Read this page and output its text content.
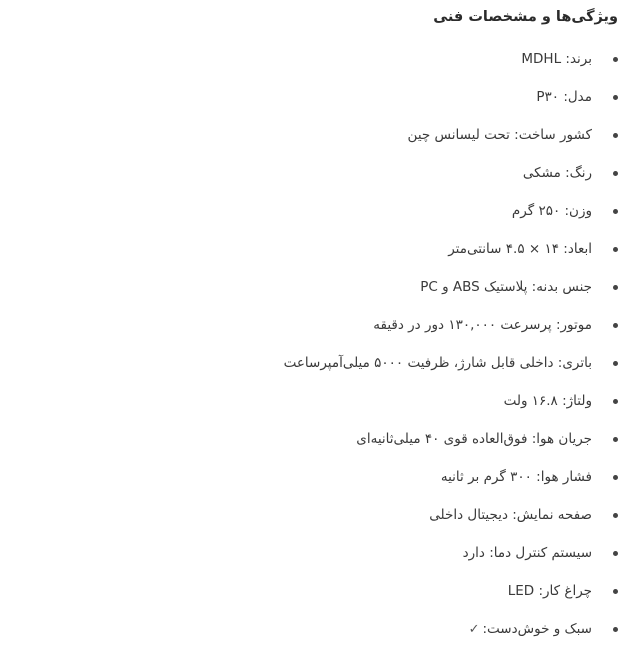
ویژگی‌ها و مشخصات فنی
برند: MDHL
مدل: P۳۰
کشور ساخت: تحت لیسانس چین
رنگ: مشکی
وزن: ۲۵۰ گرم
ابعاد: ۱۴ × ۴.۵ سانتی‌متر
جنس بدنه: پلاستیک ABS و PC
موتور: پرسرعت ۱۳۰,۰۰۰ دور در دقیقه
باتری: داخلی قابل شارژ، ظرفیت ۵۰۰۰ میلی‌آمپرساعت
ولتاژ: ۱۶.۸ ولت
جریان هوا: فوق‌العاده قوی ۴۰ میلی‌ثانیه‌ای
فشار هوا: ۳۰۰ گرم بر ثانیه
صفحه نمایش: دیجیتال داخلی
سیستم کنترل دما: دارد
چراغ کار: LED
سبک و خوش‌دست:✓
